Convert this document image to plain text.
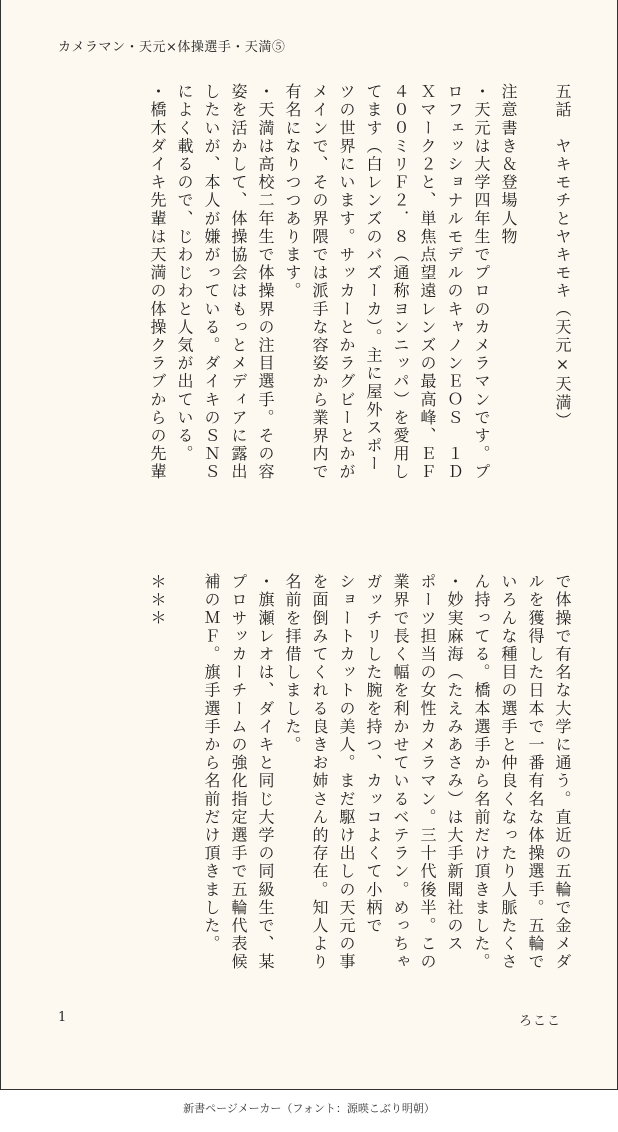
カメラマン・天元×体操選手・天満⑤
五話　ヤキモチとヤキモキ（天元×天満）
注意書き＆登場人物
・天元は大学四年生でプロのカメラマンです。プ
ロフェッショナルモデルのキャノンＥＯＳ　１Ｄ
Ｘマーク２と、単焦点望遠レンズの最高峰、ＥＦ
４００ミリＦ２．８（通称ヨンニッパ）を愛用し
てます（白レンズのバズーカ）。主に屋外スポー
ツの世界にいます。サッカーとかラグビーとかが
メインで、その界隈では派手な容姿から業界内で
有名になりつつあります。
・天満は高校二年生で体操界の注目選手。その容
姿を活かして、体操協会はもっとメディアに露出
したいが、本人が嫌がっている。ダイキのＳＮＳ
によく載るので、じわじわと人気が出ている。
・橋木ダイキ先輩は天満の体操クラブからの先輩
で体操で有名な大学に通う。直近の五輪で金メダ
ルを獲得した日本で一番有名な体操選手。五輪で
いろんな種目の選手と仲良くなったり人脈たくさ
ん持ってる。橋本選手から名前だけ頂きました。
・妙実麻海（たえみあさみ）は大手新聞社のス
ポーツ担当の女性カメラマン。三十代後半。この
業界で長く幅を利かせているベテラン。めっちゃ
ガッチリした腕を持つ、カッコよくて小柄で
ショートカットの美人。まだ駆け出しの天元の事
を面倒みてくれる良きお姉さん的存在。知人より
名前を拝借しました。
・旗瀬レオは、ダイキと同じ大学の同級生で、某
プロサッカーチームの強化指定選手で五輪代表候
補のＭＦ。旗手選手から名前だけ頂きました。
＊＊＊
1	ろここ
新書ページメーカー（フォント：源暎こぶり明朝）
